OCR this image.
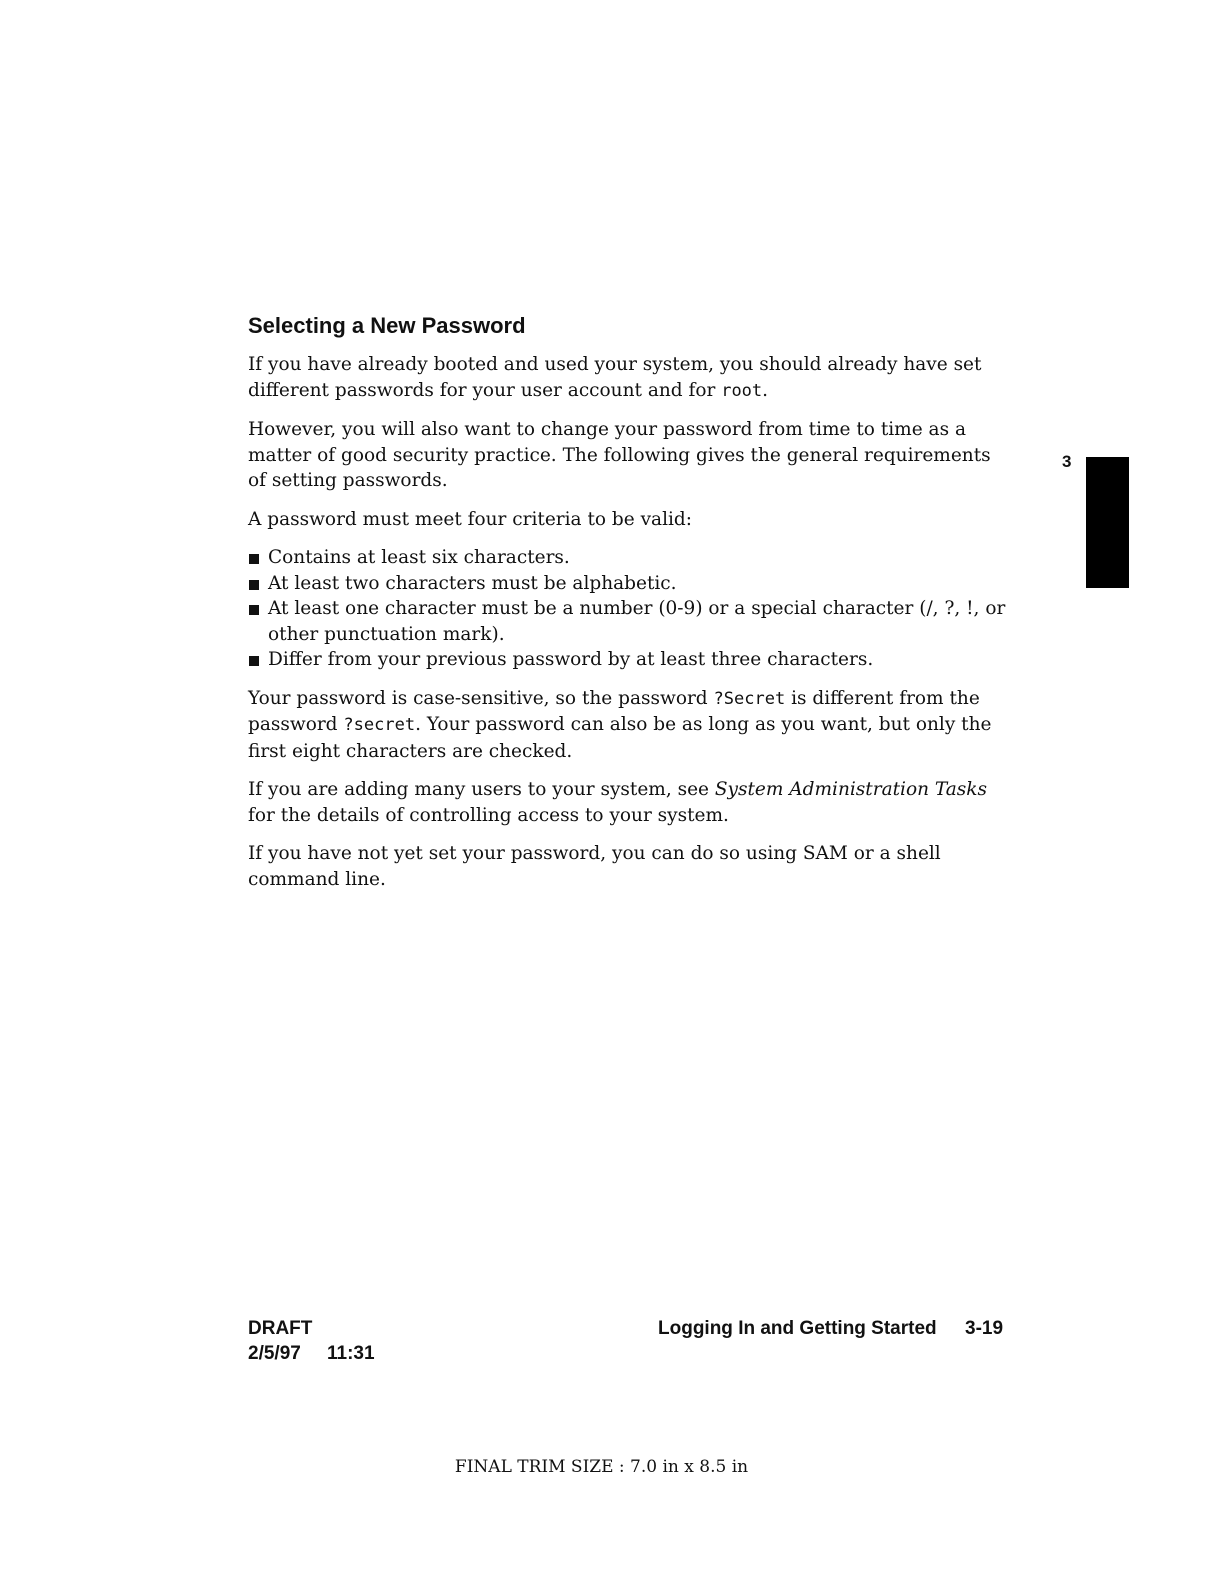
Selecting a New Password

If you have already booted and used your system, you should already have set different passwords for your user account and for root.

However, you will also want to change your password from time to time as a matter of good security practice. The following gives the general requirements of setting passwords.

A password must meet four criteria to be valid:

Contains at least six characters.
At least two characters must be alphabetic.
At least one character must be a number (0-9) or a special character (/, ?, !, or other punctuation mark).
Differ from your previous password by at least three characters.

Your password is case-sensitive, so the password ?Secret is different from the password ?secret. Your password can also be as long as you want, but only the first eight characters are checked.

If you are adding many users to your system, see System Administration Tasks for the details of controlling access to your system.

If you have not yet set your password, you can do so using SAM or a shell command line.

3
DRAFT
2/5/97 11:31
Logging In and Getting Started 3-19
FINAL TRIM SIZE : 7.0 in x 8.5 in
